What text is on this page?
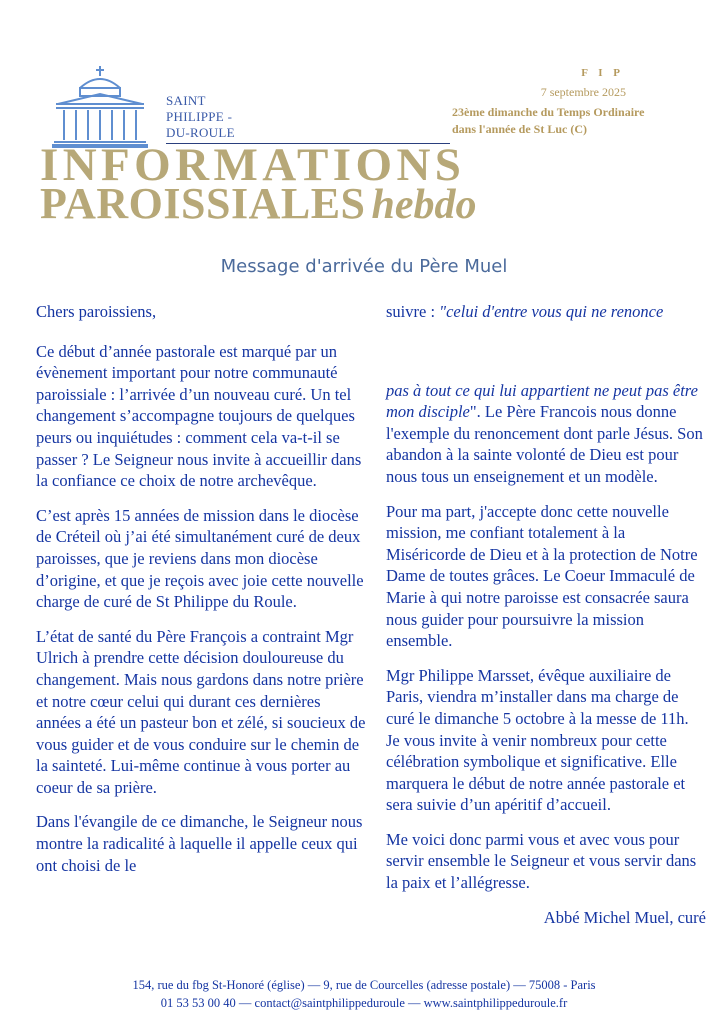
SAINT
PHILIPPE -
DU-ROULE
INFORMATIONS
PAROISSIALES hebdo
F I P
7 septembre 2025
23ème dimanche du Temps Ordinaire
dans l'année de St Luc (C)
Message d'arrivée du Père Muel

Chers paroissiens,

Ce début d’année pastorale est marqué par un évènement important pour notre communauté paroissiale : l’arrivée d’un nouveau curé. Un tel changement s’accompagne toujours de quelques peurs ou inquiétudes : comment cela va-t-il se passer ? Le Seigneur nous invite à accueillir dans la confiance ce choix de notre archevêque.

C’est après 15 années de mission dans le diocèse de Créteil où j’ai été simultanément curé de deux paroisses, que je reviens dans mon diocèse d’origine, et que je reçois avec joie cette nouvelle charge de curé de St Philippe du Roule.

L’état de santé du Père François a contraint Mgr Ulrich à prendre cette décision douloureuse du changement. Mais nous gardons dans notre prière et notre cœur celui qui durant ces dernières années a été un pasteur bon et zélé, si soucieux de vous guider et de vous conduire sur le chemin de la sainteté. Lui-même continue à vous porter au coeur de sa prière.

Dans l'évangile de ce dimanche, le Seigneur nous montre la radicalité à laquelle il appelle ceux qui ont choisi de le

suivre : "celui d'entre vous qui ne renonce

pas à tout ce qui lui appartient ne peut pas être mon disciple". Le Père Francois nous donne l'exemple du renoncement dont parle Jésus. Son abandon à la sainte volonté de Dieu est pour nous tous un enseignement et un modèle.

Pour ma part, j'accepte donc cette nouvelle mission, me confiant totalement à la Miséricorde de Dieu et à la protection de Notre Dame de toutes grâces. Le Coeur Immaculé de Marie à qui notre paroisse est consacrée saura nous guider pour poursuivre la mission ensemble.

Mgr Philippe Marsset, évêque auxiliaire de Paris, viendra m’installer dans ma charge de curé le dimanche 5 octobre à la messe de 11h. Je vous invite à venir nombreux pour cette célébration symbolique et significative. Elle marquera le début de notre année pastorale et sera suivie d’un apéritif d’accueil.

Me voici donc parmi vous et avec vous pour servir ensemble le Seigneur et vous servir dans la paix et l’allégresse.

Abbé Michel Muel, curé

154, rue du fbg St-Honoré (église) — 9, rue de Courcelles (adresse postale) — 75008 - Paris
01 53 53 00 40 — contact@saintphilippeduroule — www.saintphilippeduroule.fr
